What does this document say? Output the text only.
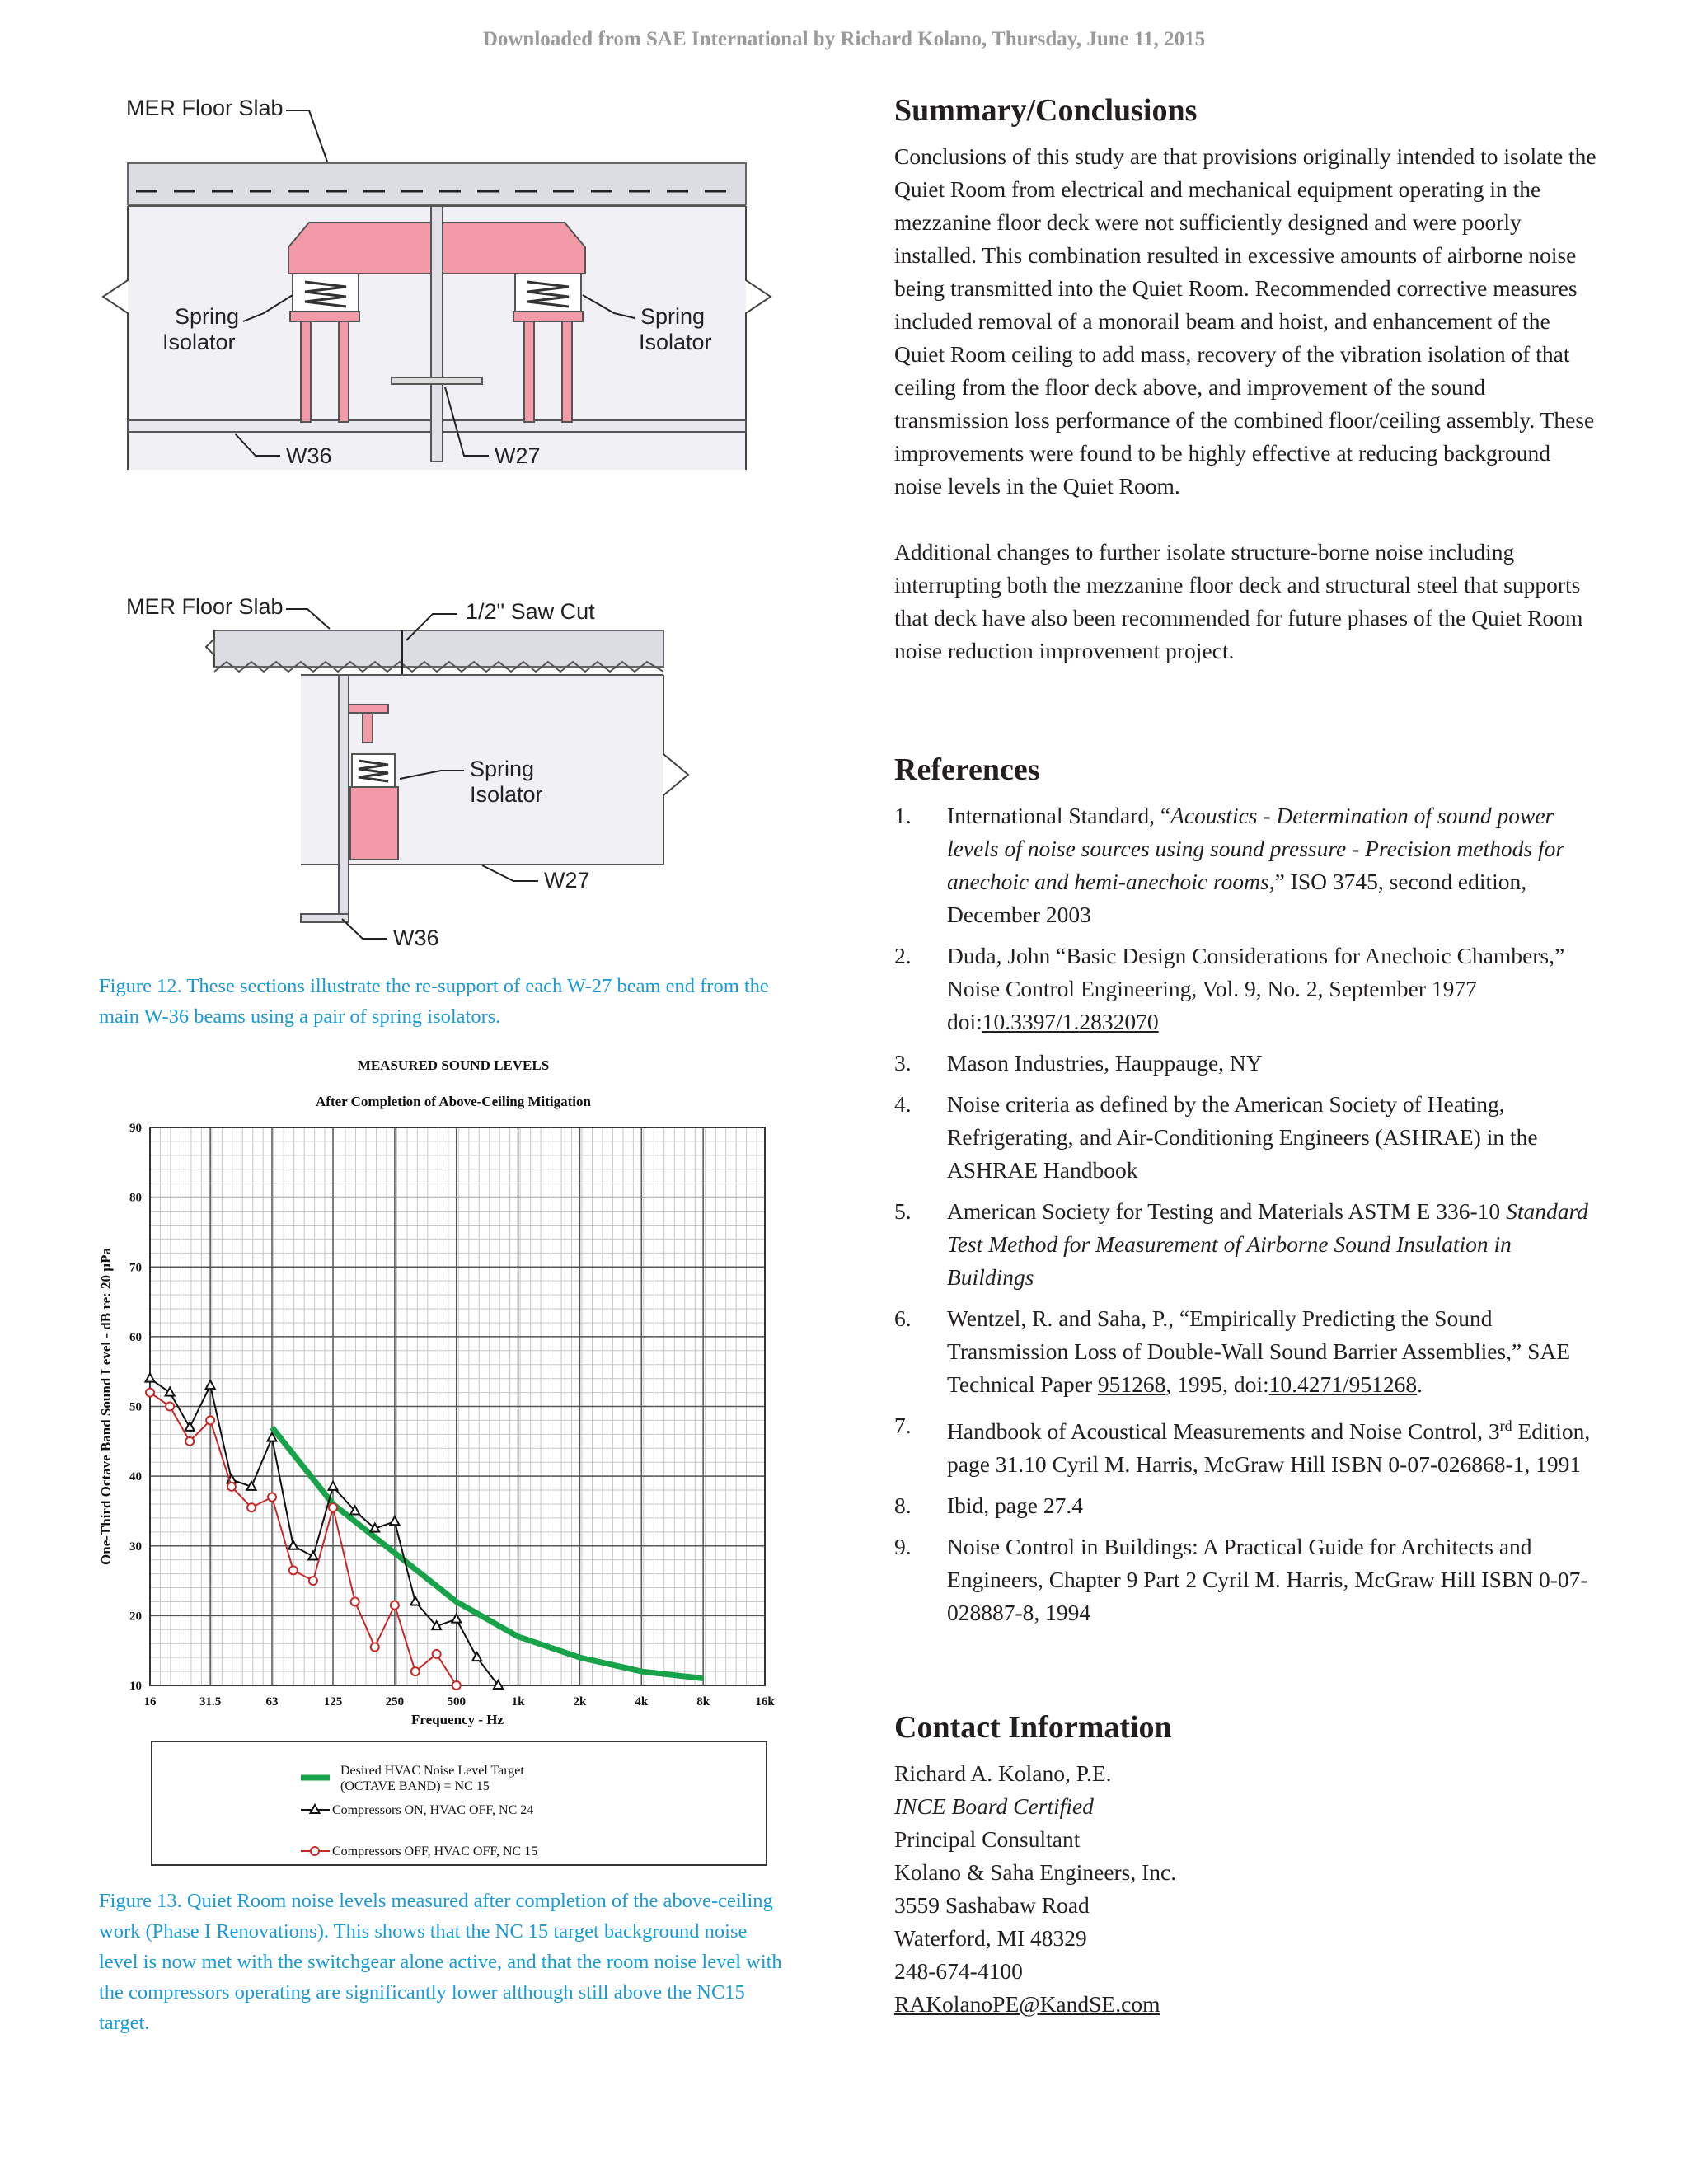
Downloaded from SAE International by Richard Kolano, Thursday, June 11, 2015
MER Floor Slab
Spring
Isolator
Spring
Isolator
W36	W27
MER Floor Slab	1/2" Saw Cut
Spring
Isolator
W27
W36
Figure 12. These sections illustrate the re-support of each W-27 beam end from the main W-36 beams using a pair of spring isolators.
16	31.5	63	125	250	500	1k	2k	4k	8k	16k
10
20
30
40
50
60
70
80
90
MEASURED SOUND LEVELS
After Completion of Above-Ceiling Mitigation
Frequency - Hz
One-Third Octave Band Sound Level - dB re: 20 µPa
Desired HVAC Noise Level Target
(OCTAVE BAND) = NC 15
Compressors ON, HVAC OFF, NC 24
Compressors OFF, HVAC OFF, NC 15
Figure 13. Quiet Room noise levels measured after completion of the above-ceiling work (Phase I Renovations). This shows that the NC 15 target background noise level is now met with the switchgear alone active, and that the room noise level with the compressors operating are significantly lower although still above the NC15 target.
Summary/Conclusions

Conclusions of this study are that provisions originally intended to isolate the Quiet Room from electrical and mechanical equipment operating in the mezzanine floor deck were not sufficiently designed and were poorly installed. This combination resulted in excessive amounts of airborne noise being transmitted into the Quiet Room. Recommended corrective measures included removal of a monorail beam and hoist, and enhancement of the Quiet Room ceiling to add mass, recovery of the vibration isolation of that ceiling from the floor deck above, and improvement of the sound transmission loss performance of the combined floor/ceiling assembly. These improvements were found to be highly effective at reducing background noise levels in the Quiet Room.

Additional changes to further isolate structure-borne noise including interrupting both the mezzanine floor deck and structural steel that supports that deck have also been recommended for future phases of the Quiet Room noise reduction improvement project.

References
1. International Standard, “Acoustics - Determination of sound power levels of noise sources using sound pressure - Precision methods for anechoic and hemi-anechoic rooms,” ISO 3745, second edition, December 2003
2. Duda, John “Basic Design Considerations for Anechoic Chambers,” Noise Control Engineering, Vol. 9, No. 2, September 1977 doi:10.3397/1.2832070
3. Mason Industries, Hauppauge, NY
4. Noise criteria as defined by the American Society of Heating, Refrigerating, and Air-Conditioning Engineers (ASHRAE) in the ASHRAE Handbook
5. American Society for Testing and Materials ASTM E 336-10 Standard Test Method for Measurement of Airborne Sound Insulation in Buildings
6. Wentzel, R. and Saha, P., “Empirically Predicting the Sound Transmission Loss of Double-Wall Sound Barrier Assemblies,” SAE Technical Paper 951268, 1995, doi:10.4271/951268.
7. Handbook of Acoustical Measurements and Noise Control, 3rd Edition, page 31.10 Cyril M. Harris, McGraw Hill ISBN 0-07-026868-1, 1991
8. Ibid, page 27.4
9. Noise Control in Buildings: A Practical Guide for Architects and Engineers, Chapter 9 Part 2 Cyril M. Harris, McGraw Hill ISBN 0-07-028887-8, 1994
Contact Information
Richard A. Kolano, P.E.
INCE Board Certified
Principal Consultant
Kolano & Saha Engineers, Inc.
3559 Sashabaw Road
Waterford, MI 48329
248-674-4100
RAKolanoPE@KandSE.com
